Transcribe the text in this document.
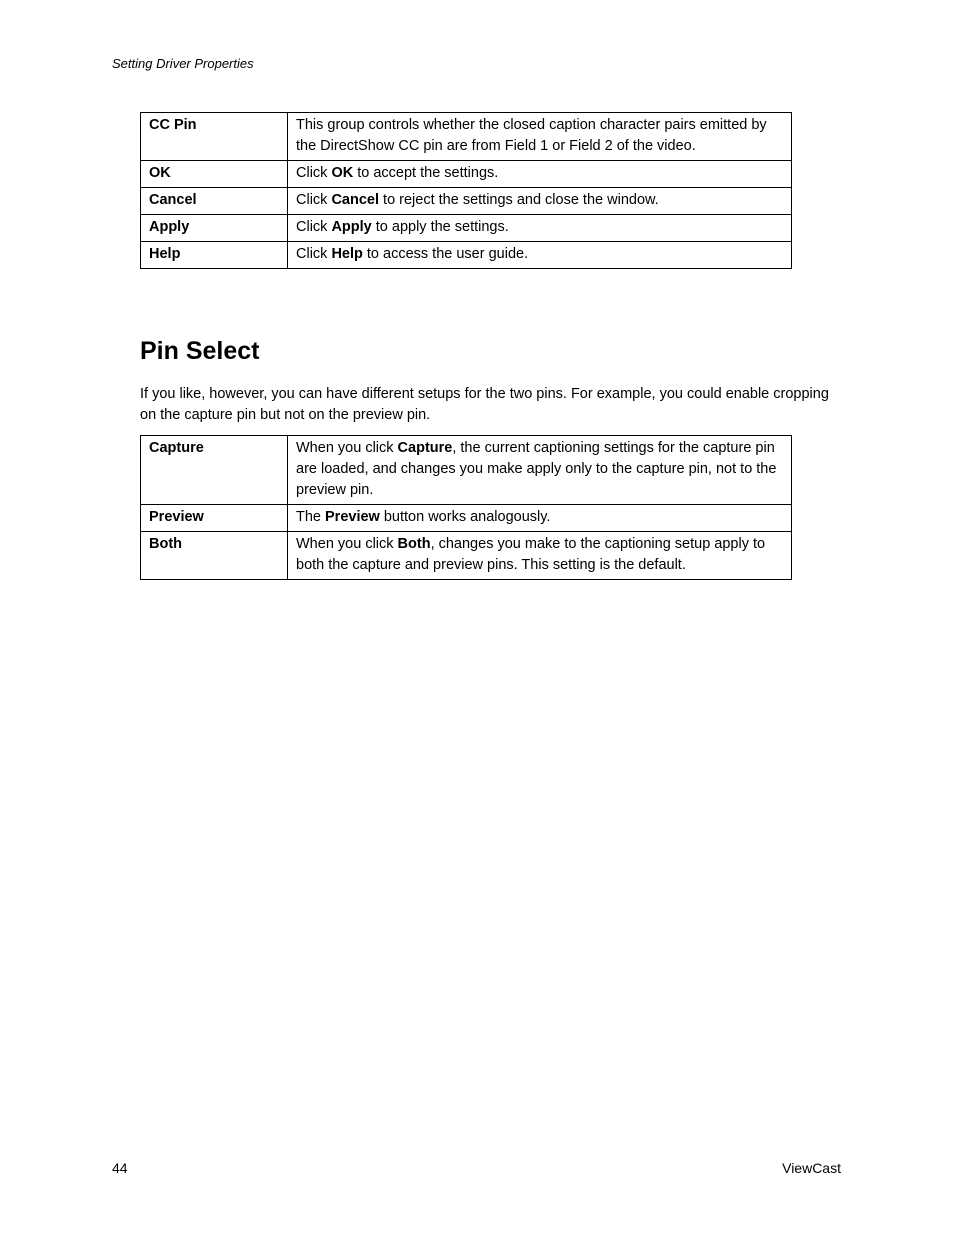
Setting Driver Properties
CC Pin	This group controls whether the closed caption character pairs emitted by the DirectShow CC pin are from Field 1 or Field 2 of the video.
OK	Click OK to accept the settings.
Cancel	Click Cancel to reject the settings and close the window.
Apply	Click Apply to apply the settings.
Help	Click Help to access the user guide.
Pin Select

If you like, however, you can have different setups for the two pins. For example, you could enable cropping on the capture pin but not on the preview pin.

Capture	When you click Capture, the current captioning settings for the capture pin are loaded, and changes you make apply only to the capture pin, not to the preview pin.
Preview	The Preview button works analogously.
Both	When you click Both, changes you make to the captioning setup apply to both the capture and preview pins. This setting is the default.
44	ViewCast
